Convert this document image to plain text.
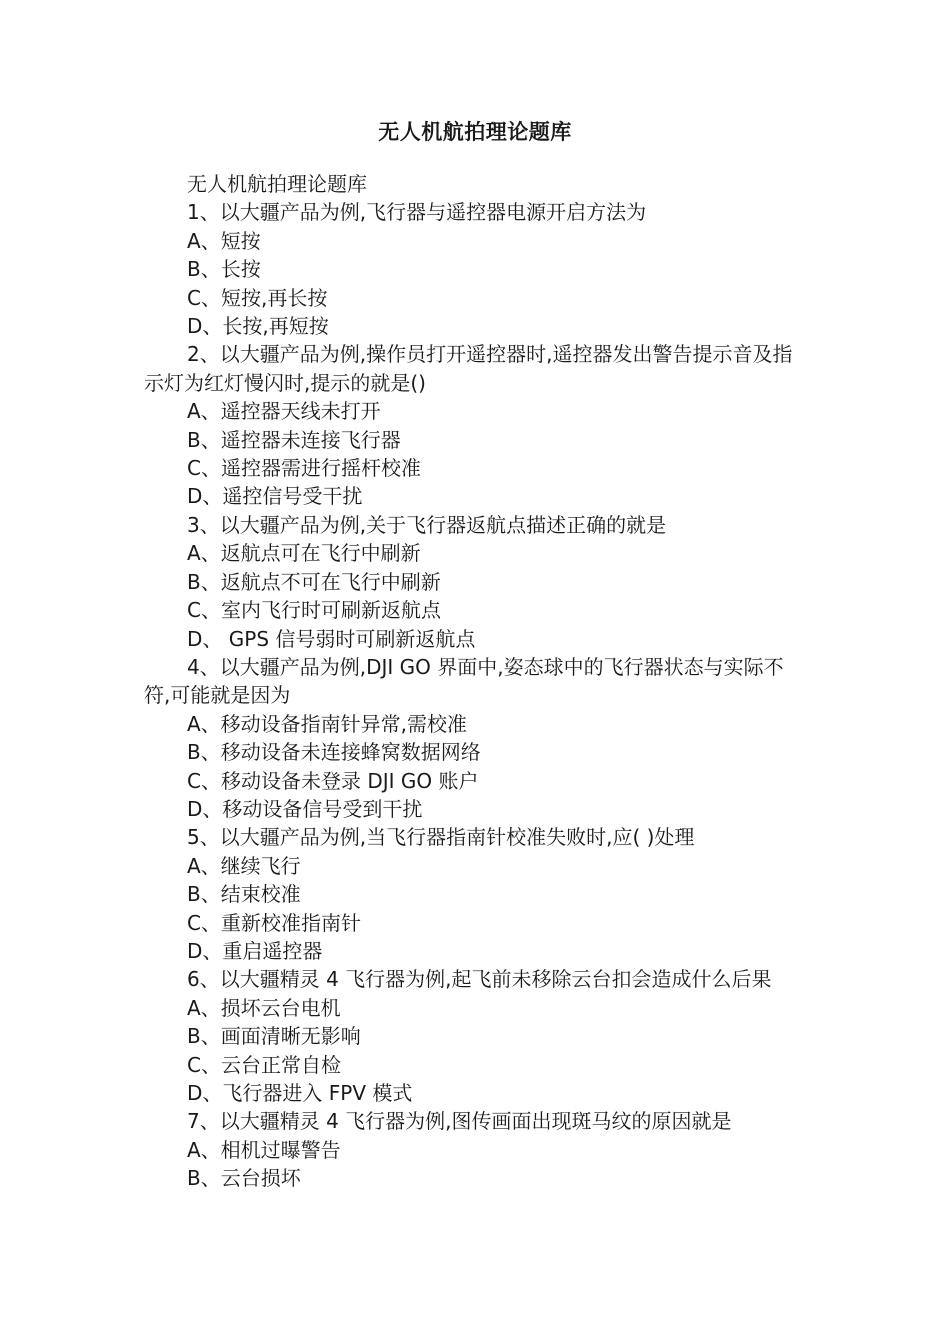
无人机航拍理论题库

无人机航拍理论题库

1、以大疆产品为例,飞行器与遥控器电源开启方法为

A、短按

B、长按

C、短按,再长按

D、长按,再短按

2、以大疆产品为例,操作员打开遥控器时,遥控器发出警告提示音及指示灯为红灯慢闪时,提示的就是()

A、遥控器天线未打开

B、遥控器未连接飞行器

C、遥控器需进行摇杆校准

D、遥控信号受干扰

3、以大疆产品为例,关于飞行器返航点描述正确的就是

A、返航点可在飞行中刷新

B、返航点不可在飞行中刷新

C、室内飞行时可刷新返航点

D、 GPS 信号弱时可刷新返航点

4、以大疆产品为例,DJI GO 界面中,姿态球中的飞行器状态与实际不符,可能就是因为

A、移动设备指南针异常,需校准

B、移动设备未连接蜂窝数据网络

C、移动设备未登录 DJI GO 账户

D、移动设备信号受到干扰

5、以大疆产品为例,当飞行器指南针校准失败时,应( )处理

A、继续飞行

B、结束校准

C、重新校准指南针

D、重启遥控器

6、以大疆精灵 4 飞行器为例,起飞前未移除云台扣会造成什么后果

A、损坏云台电机

B、画面清晰无影响

C、云台正常自检

D、飞行器进入 FPV 模式

7、以大疆精灵 4 飞行器为例,图传画面出现斑马纹的原因就是

A、相机过曝警告

B、云台损坏
